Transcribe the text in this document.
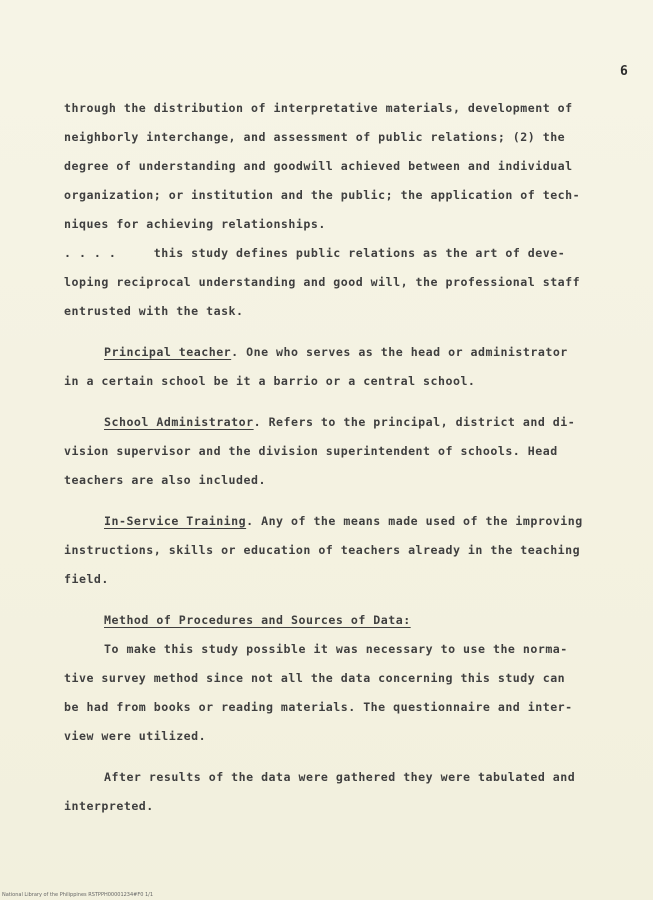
6
through the distribution of interpretative materials, development of
neighborly interchange, and assessment of public relations; (2) the
degree of understanding and goodwill achieved between and individual
organization; or institution and the public; the application of tech-
niques for achieving relationships.
. . . .	this study defines public relations as the art of deve-
loping reciprocal understanding and good will, the professional staff
entrusted with the task.
Principal teacher. One who serves as the head or administrator
in a certain school be it a barrio or a central school.
School Administrator. Refers to the principal, district and di-
vision supervisor and the division superintendent of schools. Head
teachers are also included.
In-Service Training. Any of the means made used of the improving
instructions, skills or education of teachers already in the teaching
field.
Method of Procedures and Sources of Data:
To make this study possible it was necessary to use the norma-
tive survey method since not all the data concerning this study can
be had from books or reading materials. The questionnaire and inter-
view were utilized.
After results of the data were gathered they were tabulated and
interpreted.
National Library of the Philippines RSTPPH00001234#F0 1/1
